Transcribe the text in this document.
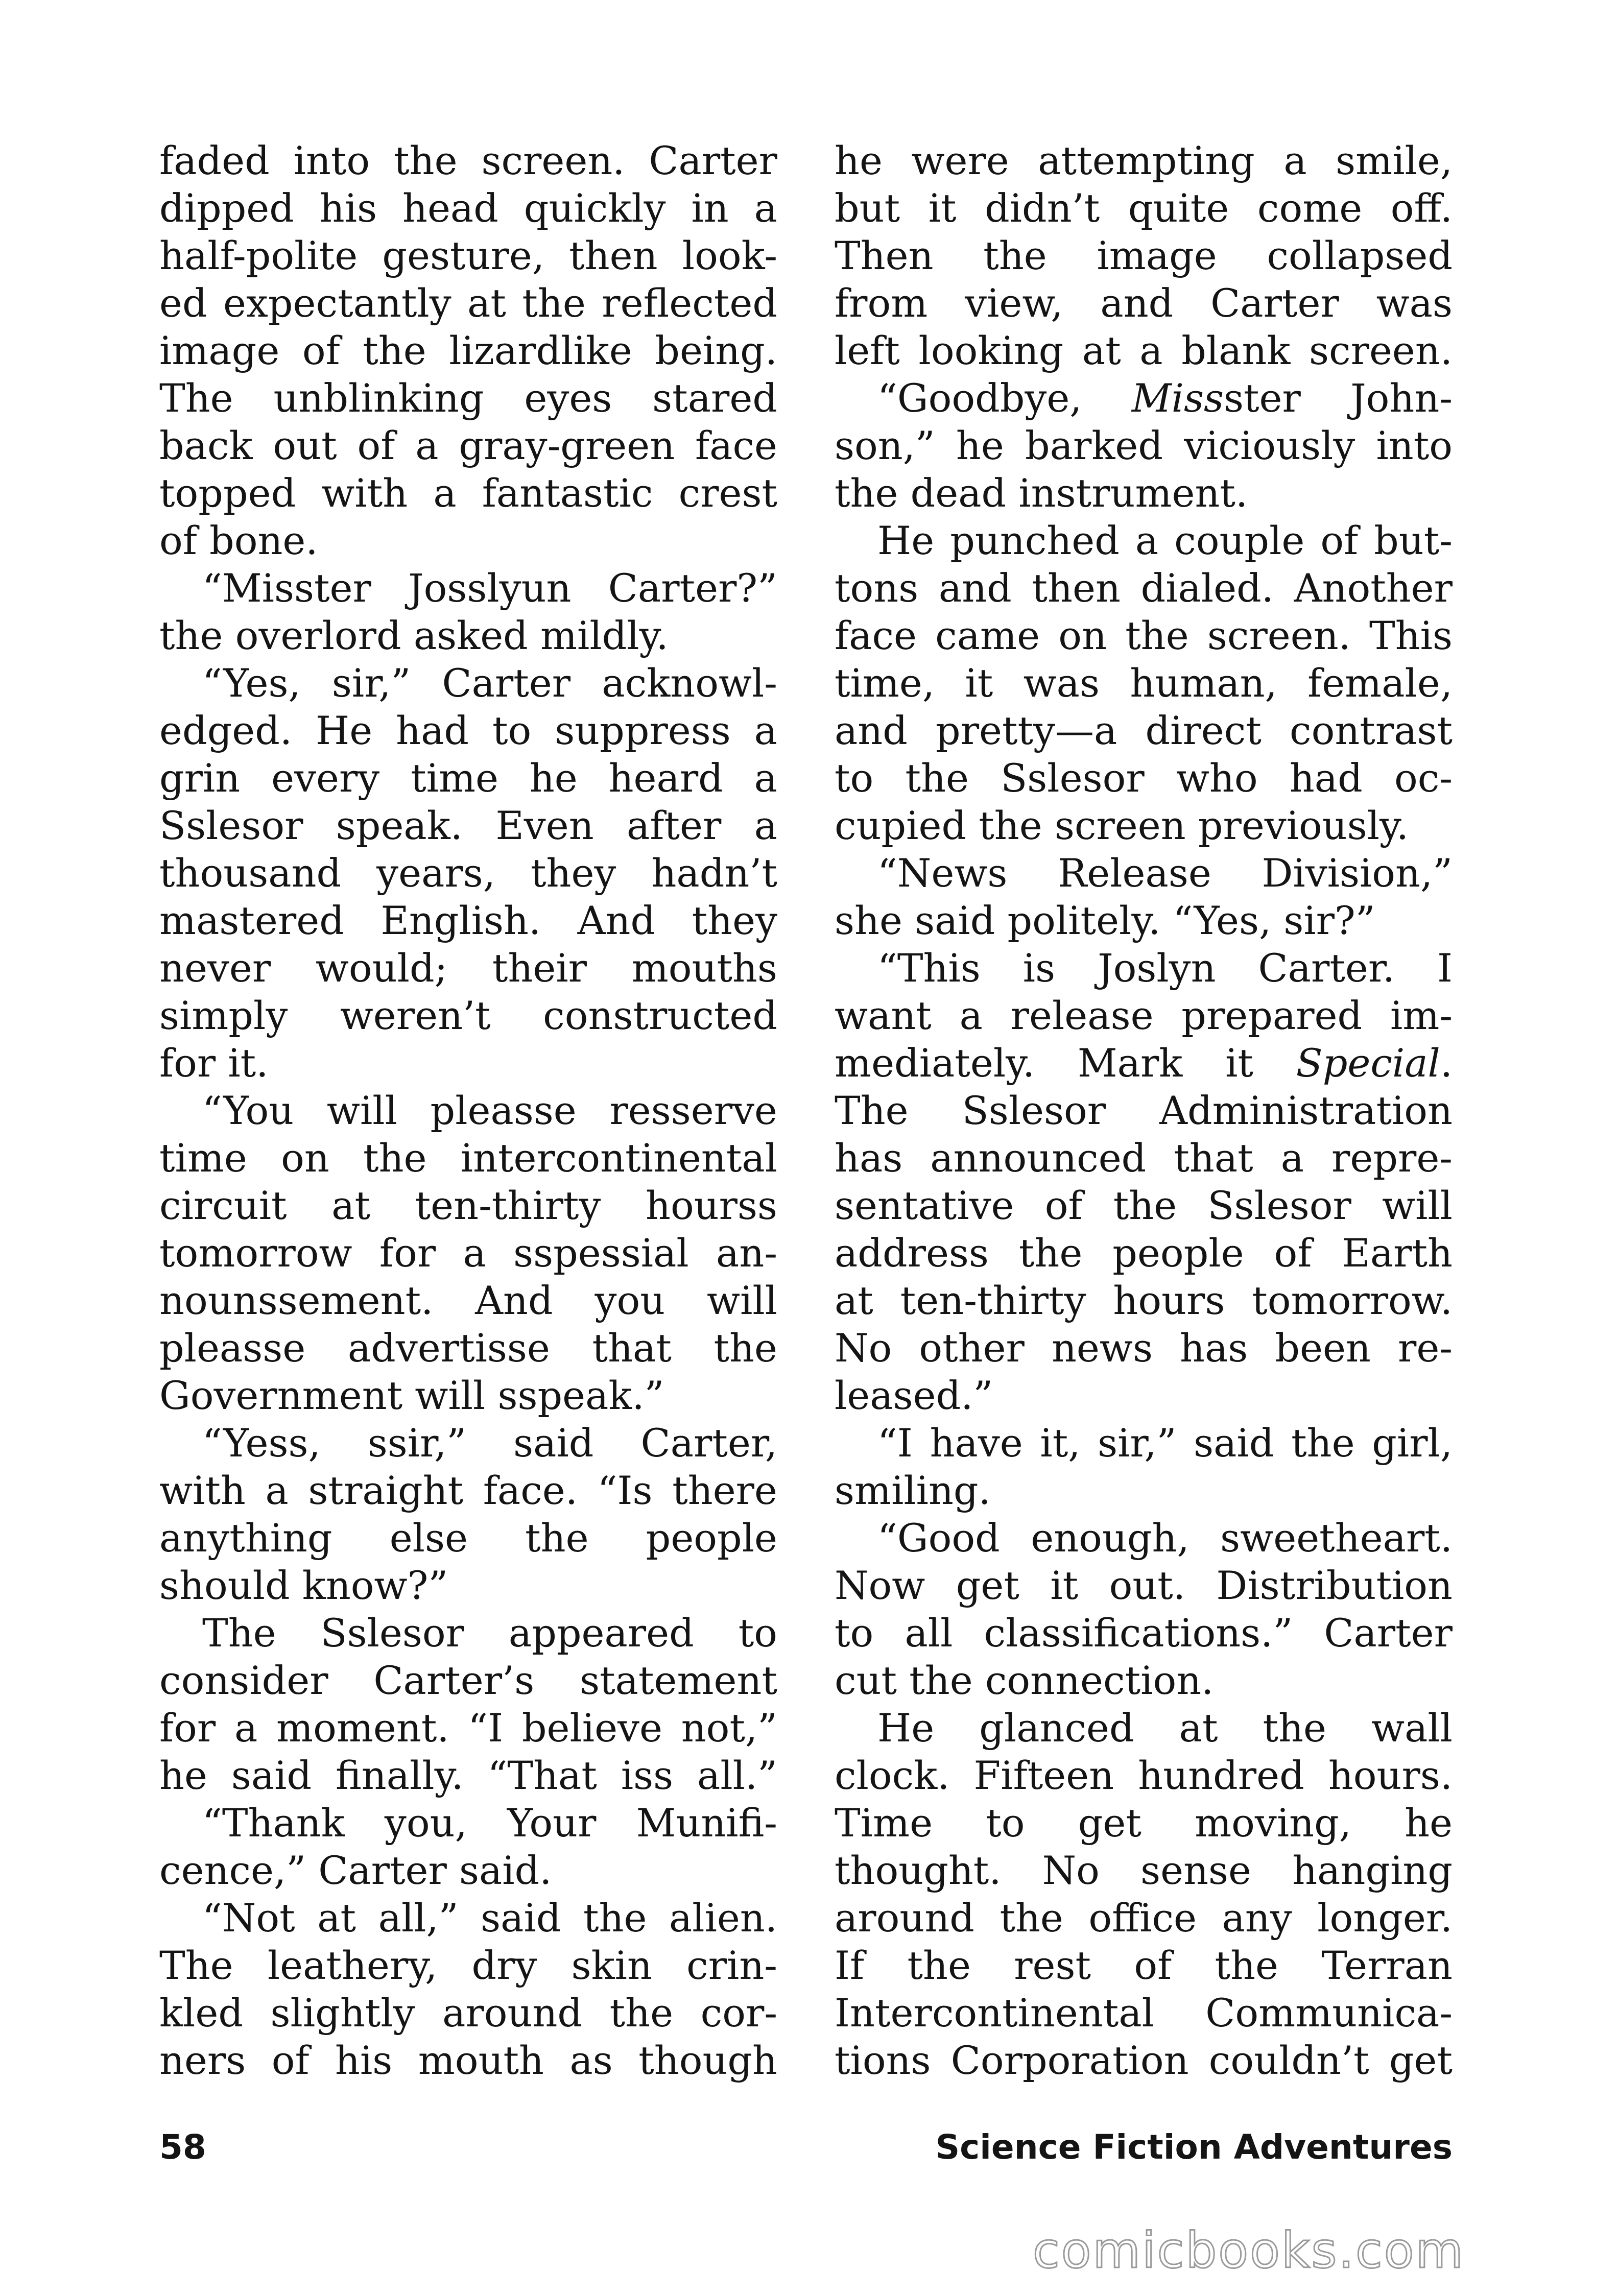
faded into the screen. Carter
dipped his head quickly in a
half-polite gesture, then look-
ed expectantly at the reflected
image of the lizardlike being.
The unblinking eyes stared
back out of a gray-green face
topped with a fantastic crest
of bone.
“Misster Josslyun Carter?”
the overlord asked mildly.
“Yes, sir,” Carter acknowl-
edged. He had to suppress a
grin every time he heard a
Sslesor speak. Even after a
thousand years, they hadn’t
mastered English. And they
never would; their mouths
simply weren’t constructed
for it.
“You will pleasse resserve
time on the intercontinental
circuit at ten-thirty hourss
tomorrow for a sspessial an-
nounssement. And you will
pleasse advertisse that the
Government will sspeak.”
“Yess, ssir,” said Carter,
with a straight face. “Is there
anything else the people
should know?”
The Sslesor appeared to
consider Carter’s statement
for a moment. “I believe not,”
he said finally. “That iss all.”
“Thank you, Your Munifi-
cence,” Carter said.
“Not at all,” said the alien.
The leathery, dry skin crin-
kled slightly around the cor-
ners of his mouth as though
he were attempting a smile,
but it didn’t quite come off.
Then the image collapsed
from view, and Carter was
left looking at a blank screen.
“Goodbye, Missster John-
son,” he barked viciously into
the dead instrument.
He punched a couple of but-
tons and then dialed. Another
face came on the screen. This
time, it was human, female,
and pretty—a direct contrast
to the Sslesor who had oc-
cupied the screen previously.
“News Release Division,”
she said politely. “Yes, sir?”
“This is Joslyn Carter. I
want a release prepared im-
mediately. Mark it Special.
The Sslesor Administration
has announced that a repre-
sentative of the Sslesor will
address the people of Earth
at ten-thirty hours tomorrow.
No other news has been re-
leased.”
“I have it, sir,” said the girl,
smiling.
“Good enough, sweetheart.
Now get it out. Distribution
to all classifications.” Carter
cut the connection.
He glanced at the wall
clock. Fifteen hundred hours.
Time to get moving, he
thought. No sense hanging
around the office any longer.
If the rest of the Terran
Intercontinental Communica-
tions Corporation couldn’t get
58	Science Fiction Adventures
comicbooks.com
